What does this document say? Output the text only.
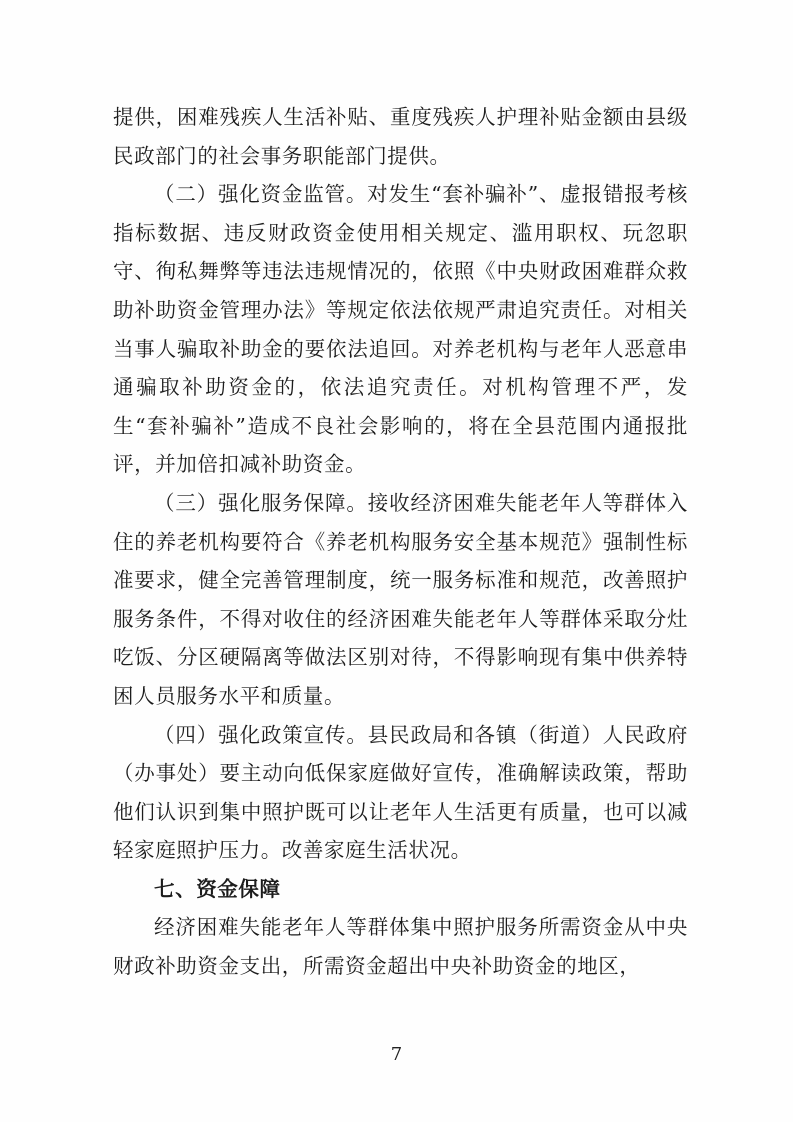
提供，困难残疾人生活补贴、重度残疾人护理补贴金额由县级民政部门的社会事务职能部门提供。

（二）强化资金监管。对发生“套补骗补”、虚报错报考核指标数据、违反财政资金使用相关规定、滥用职权、玩忽职守、徇私舞弊等违法违规情况的，依照《中央财政困难群众救助补助资金管理办法》等规定依法依规严肃追究责任。对相关当事人骗取补助金的要依法追回。对养老机构与老年人恶意串通骗取补助资金的，依法追究责任。对机构管理不严，发生“套补骗补”造成不良社会影响的，将在全县范围内通报批评，并加倍扣减补助资金。

（三）强化服务保障。接收经济困难失能老年人等群体入住的养老机构要符合《养老机构服务安全基本规范》强制性标准要求，健全完善管理制度，统一服务标准和规范，改善照护服务条件，不得对收住的经济困难失能老年人等群体采取分灶吃饭、分区硬隔离等做法区别对待，不得影响现有集中供养特困人员服务水平和质量。

（四）强化政策宣传。县民政局和各镇（街道）人民政府（办事处）要主动向低保家庭做好宣传，准确解读政策，帮助他们认识到集中照护既可以让老年人生活更有质量，也可以减轻家庭照护压力。改善家庭生活状况。

七、资金保障

经济困难失能老年人等群体集中照护服务所需资金从中央财政补助资金支出，所需资金超出中央补助资金的地区，

7
